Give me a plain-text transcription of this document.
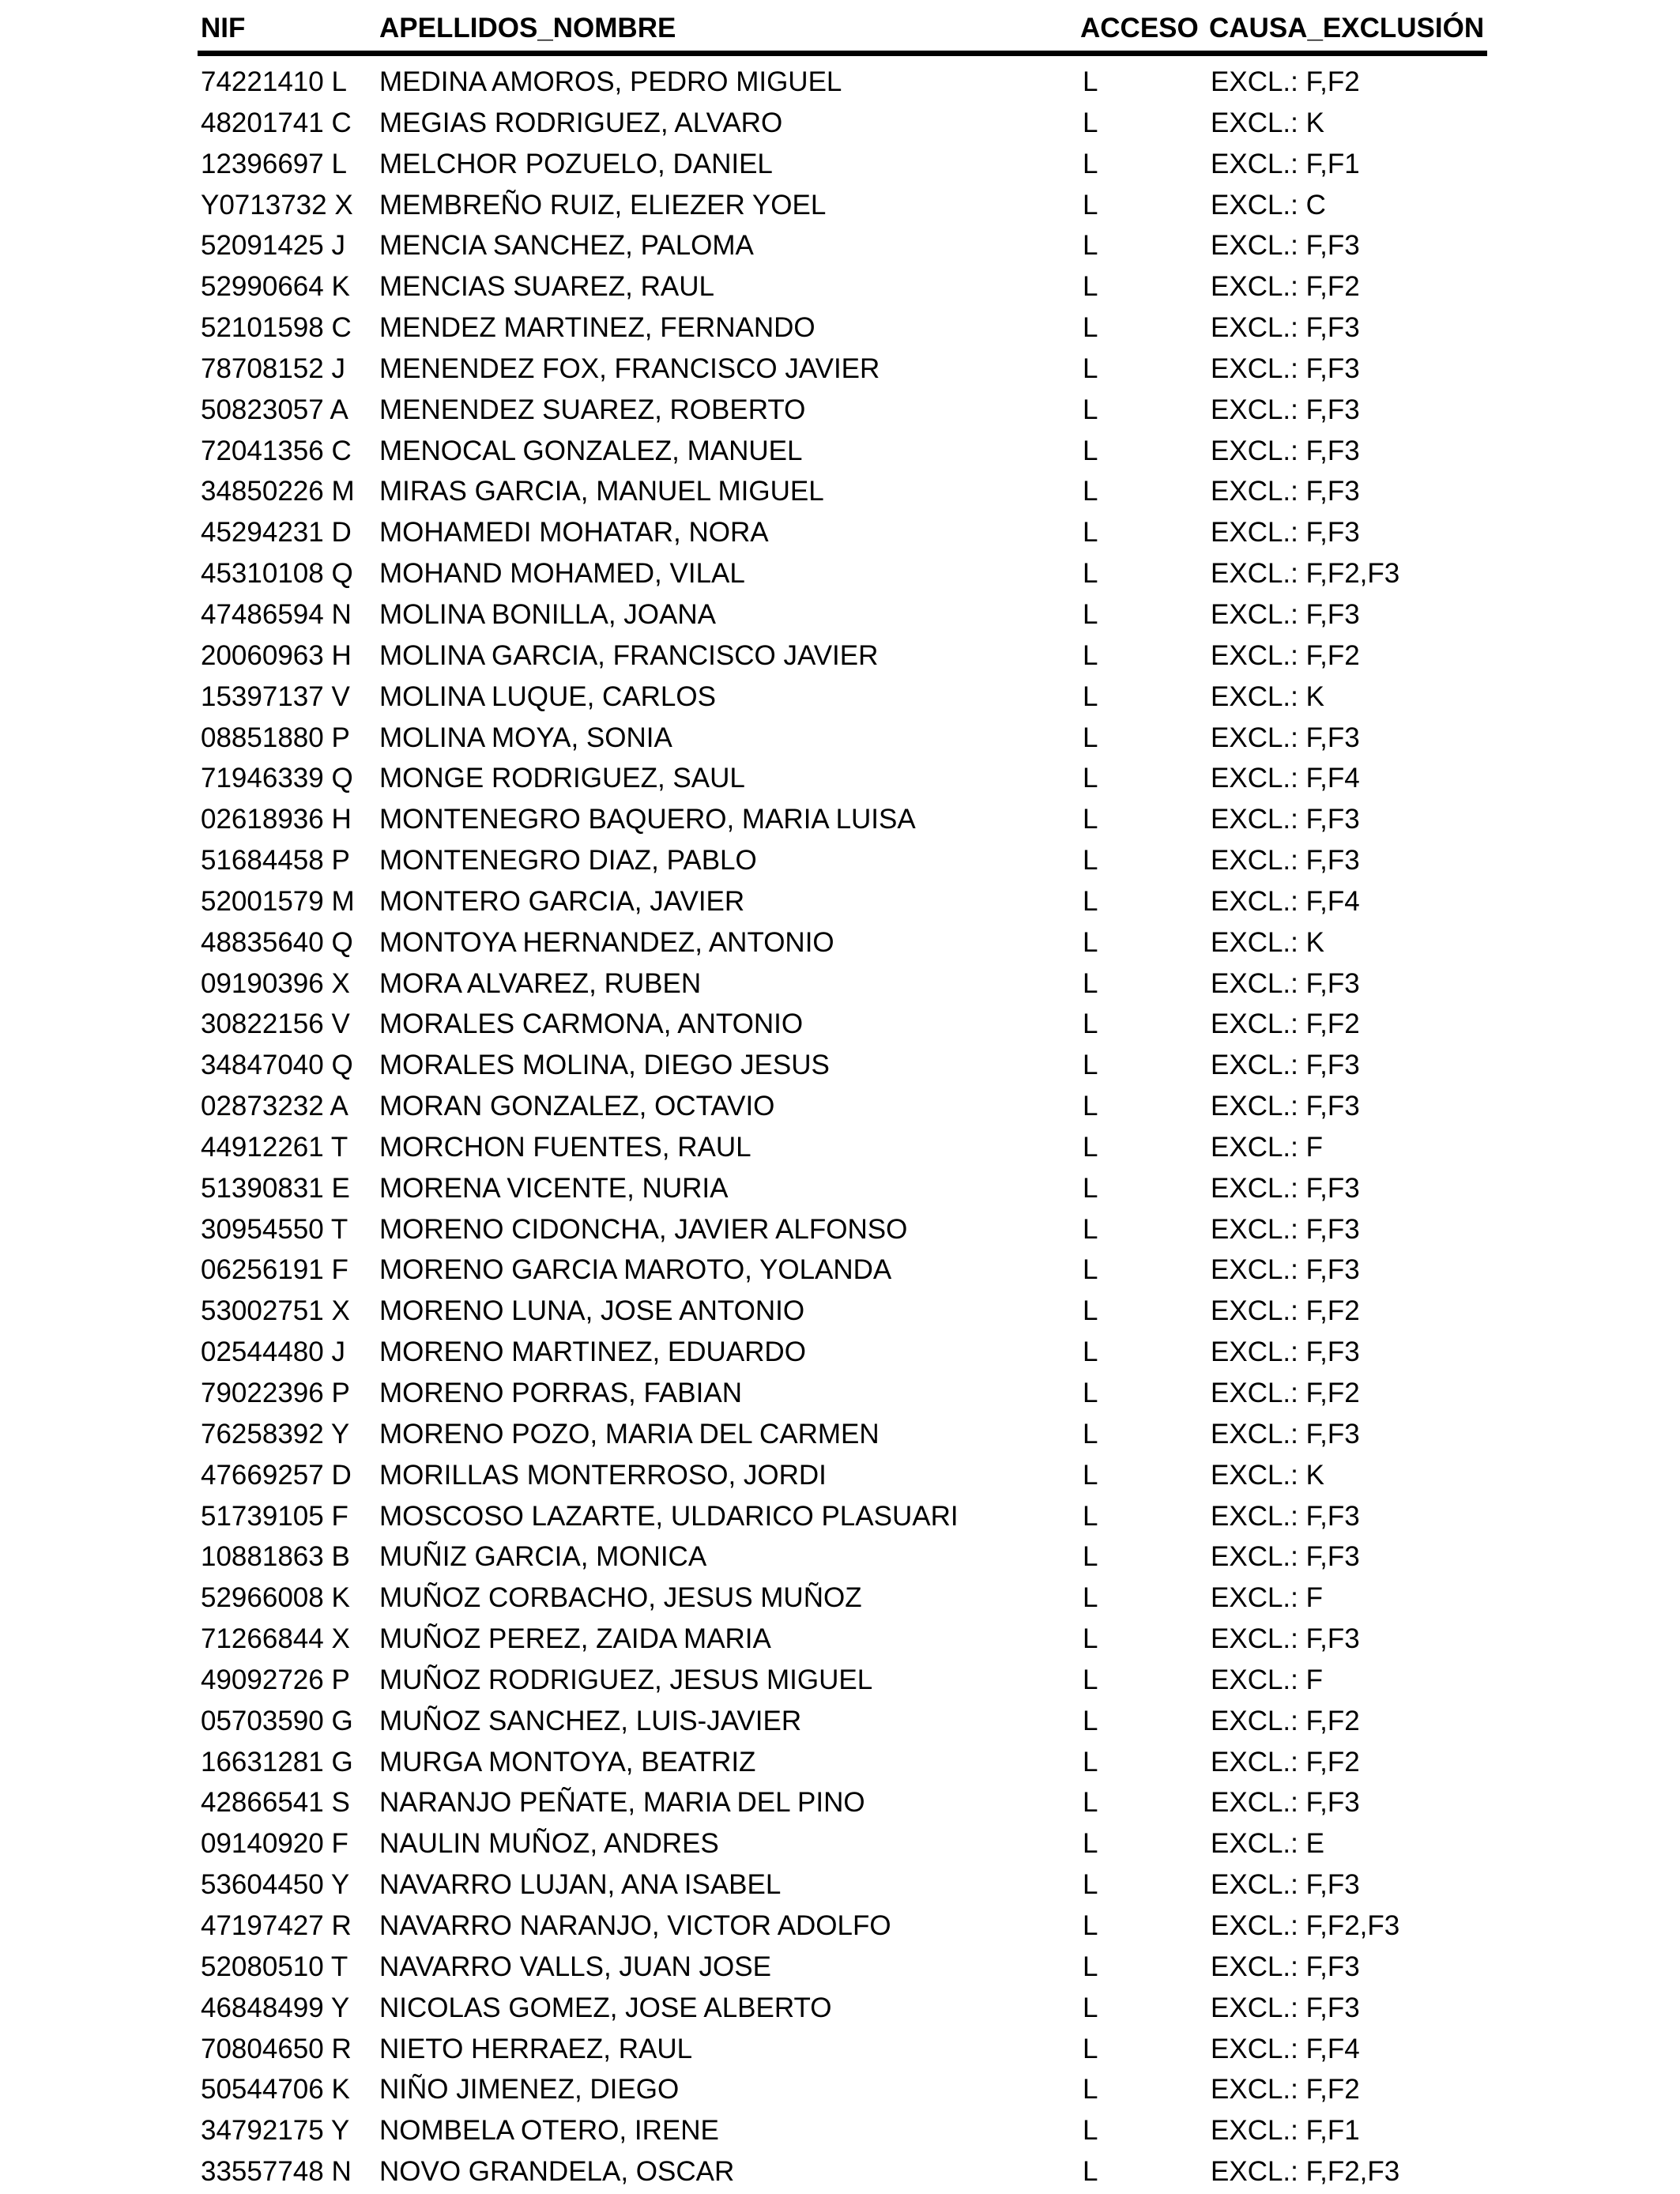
NIF	APELLIDOS_NOMBRE	ACCESO CAUSA_EXCLUSIÓN
74221410 L MEDINA AMOROS, PEDRO MIGUEL	L	EXCL.: F,F2
48201741 C MEGIAS RODRIGUEZ, ALVARO	L	EXCL.: K
12396697 L MELCHOR POZUELO, DANIEL	L	EXCL.: F,F1
Y0713732 X MEMBREÑO RUIZ, ELIEZER YOEL	L	EXCL.: C
52091425 J MENCIA SANCHEZ, PALOMA	L	EXCL.: F,F3
52990664 K MENCIAS SUAREZ, RAUL	L	EXCL.: F,F2
52101598 C MENDEZ MARTINEZ, FERNANDO	L	EXCL.: F,F3
78708152 J MENENDEZ FOX, FRANCISCO JAVIER	L	EXCL.: F,F3
50823057 A MENENDEZ SUAREZ, ROBERTO	L	EXCL.: F,F3
72041356 C MENOCAL GONZALEZ, MANUEL	L	EXCL.: F,F3
34850226 M MIRAS GARCIA, MANUEL MIGUEL	L	EXCL.: F,F3
45294231 D MOHAMEDI MOHATAR, NORA	L	EXCL.: F,F3
45310108 Q MOHAND MOHAMED, VILAL	L	EXCL.: F,F2,F3
47486594 N MOLINA BONILLA, JOANA	L	EXCL.: F,F3
20060963 H MOLINA GARCIA, FRANCISCO JAVIER	L	EXCL.: F,F2
15397137 V MOLINA LUQUE, CARLOS	L	EXCL.: K
08851880 P MOLINA MOYA, SONIA	L	EXCL.: F,F3
71946339 Q MONGE RODRIGUEZ, SAUL	L	EXCL.: F,F4
02618936 H MONTENEGRO BAQUERO, MARIA LUISA	L	EXCL.: F,F3
51684458 P MONTENEGRO DIAZ, PABLO	L	EXCL.: F,F3
52001579 M MONTERO GARCIA, JAVIER	L	EXCL.: F,F4
48835640 Q MONTOYA HERNANDEZ, ANTONIO	L	EXCL.: K
09190396 X MORA ALVAREZ, RUBEN	L	EXCL.: F,F3
30822156 V MORALES CARMONA, ANTONIO	L	EXCL.: F,F2
34847040 Q MORALES MOLINA, DIEGO JESUS	L	EXCL.: F,F3
02873232 A MORAN GONZALEZ, OCTAVIO	L	EXCL.: F,F3
44912261 T MORCHON FUENTES, RAUL	L	EXCL.: F
51390831 E MORENA VICENTE, NURIA	L	EXCL.: F,F3
30954550 T MORENO CIDONCHA, JAVIER ALFONSO	L	EXCL.: F,F3
06256191 F MORENO GARCIA MAROTO, YOLANDA	L	EXCL.: F,F3
53002751 X MORENO LUNA, JOSE ANTONIO	L	EXCL.: F,F2
02544480 J MORENO MARTINEZ, EDUARDO	L	EXCL.: F,F3
79022396 P MORENO PORRAS, FABIAN	L	EXCL.: F,F2
76258392 Y MORENO POZO, MARIA DEL CARMEN	L	EXCL.: F,F3
47669257 D MORILLAS MONTERROSO, JORDI	L	EXCL.: K
51739105 F MOSCOSO LAZARTE, ULDARICO PLASUARI	L	EXCL.: F,F3
10881863 B MUÑIZ GARCIA, MONICA	L	EXCL.: F,F3
52966008 K MUÑOZ CORBACHO, JESUS MUÑOZ	L	EXCL.: F
71266844 X MUÑOZ PEREZ, ZAIDA MARIA	L	EXCL.: F,F3
49092726 P MUÑOZ RODRIGUEZ, JESUS MIGUEL	L	EXCL.: F
05703590 G MUÑOZ SANCHEZ, LUIS-JAVIER	L	EXCL.: F,F2
16631281 G MURGA MONTOYA, BEATRIZ	L	EXCL.: F,F2
42866541 S NARANJO PEÑATE, MARIA DEL PINO	L	EXCL.: F,F3
09140920 F NAULIN MUÑOZ, ANDRES	L	EXCL.: E
53604450 Y NAVARRO LUJAN, ANA ISABEL	L	EXCL.: F,F3
47197427 R NAVARRO NARANJO, VICTOR ADOLFO	L	EXCL.: F,F2,F3
52080510 T NAVARRO VALLS, JUAN JOSE	L	EXCL.: F,F3
46848499 Y NICOLAS GOMEZ, JOSE ALBERTO	L	EXCL.: F,F3
70804650 R NIETO HERRAEZ, RAUL	L	EXCL.: F,F4
50544706 K NIÑO JIMENEZ, DIEGO	L	EXCL.: F,F2
34792175 Y NOMBELA OTERO, IRENE	L	EXCL.: F,F1
33557748 N NOVO GRANDELA, OSCAR	L	EXCL.: F,F2,F3
